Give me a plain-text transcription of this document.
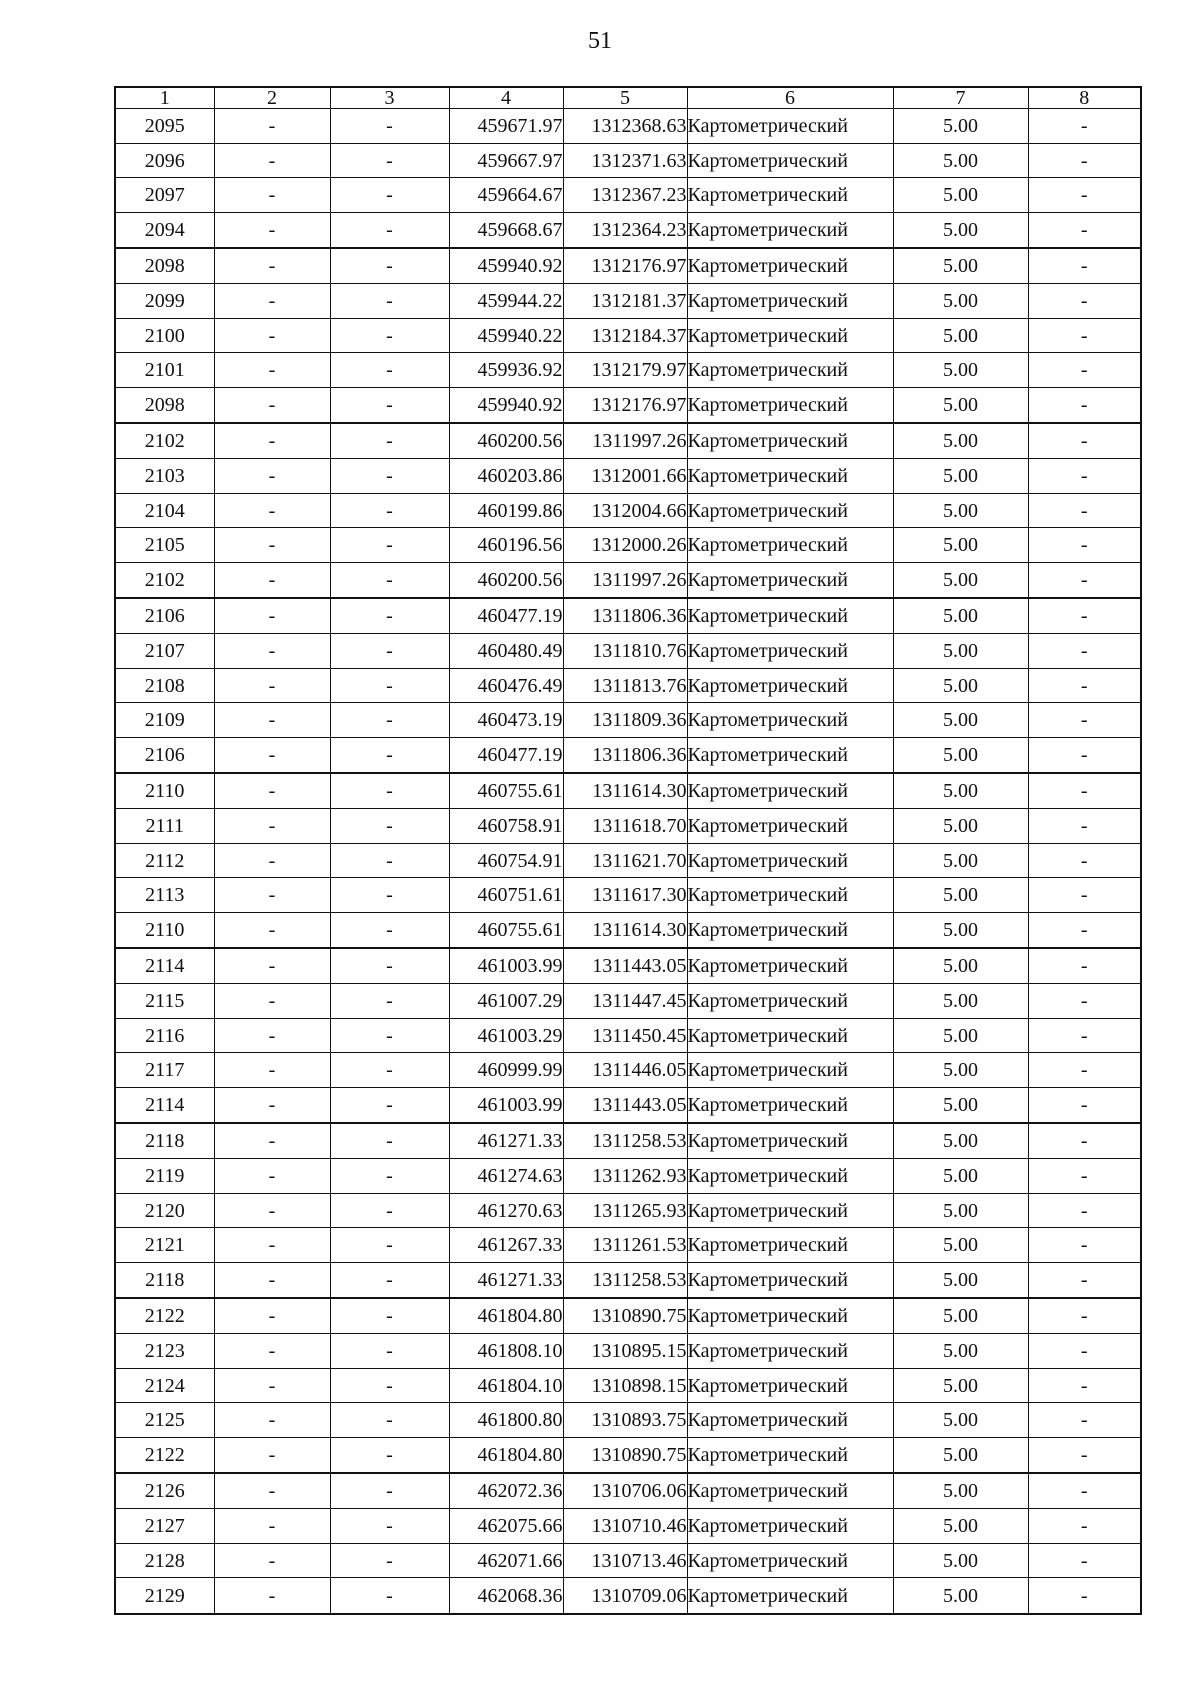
51
1	2	3	4	5	6	7	8
2095	-	-	459671.97	1312368.63	Картометрический	5.00	-
2096	-	-	459667.97	1312371.63	Картометрический	5.00	-
2097	-	-	459664.67	1312367.23	Картометрический	5.00	-
2094	-	-	459668.67	1312364.23	Картометрический	5.00	-

2098	-	-	459940.92	1312176.97	Картометрический	5.00	-
2099	-	-	459944.22	1312181.37	Картометрический	5.00	-
2100	-	-	459940.22	1312184.37	Картометрический	5.00	-
2101	-	-	459936.92	1312179.97	Картометрический	5.00	-
2098	-	-	459940.92	1312176.97	Картометрический	5.00	-

2102	-	-	460200.56	1311997.26	Картометрический	5.00	-
2103	-	-	460203.86	1312001.66	Картометрический	5.00	-
2104	-	-	460199.86	1312004.66	Картометрический	5.00	-
2105	-	-	460196.56	1312000.26	Картометрический	5.00	-
2102	-	-	460200.56	1311997.26	Картометрический	5.00	-

2106	-	-	460477.19	1311806.36	Картометрический	5.00	-
2107	-	-	460480.49	1311810.76	Картометрический	5.00	-
2108	-	-	460476.49	1311813.76	Картометрический	5.00	-
2109	-	-	460473.19	1311809.36	Картометрический	5.00	-
2106	-	-	460477.19	1311806.36	Картометрический	5.00	-

2110	-	-	460755.61	1311614.30	Картометрический	5.00	-
2111	-	-	460758.91	1311618.70	Картометрический	5.00	-
2112	-	-	460754.91	1311621.70	Картометрический	5.00	-
2113	-	-	460751.61	1311617.30	Картометрический	5.00	-
2110	-	-	460755.61	1311614.30	Картометрический	5.00	-

2114	-	-	461003.99	1311443.05	Картометрический	5.00	-
2115	-	-	461007.29	1311447.45	Картометрический	5.00	-
2116	-	-	461003.29	1311450.45	Картометрический	5.00	-
2117	-	-	460999.99	1311446.05	Картометрический	5.00	-
2114	-	-	461003.99	1311443.05	Картометрический	5.00	-

2118	-	-	461271.33	1311258.53	Картометрический	5.00	-
2119	-	-	461274.63	1311262.93	Картометрический	5.00	-
2120	-	-	461270.63	1311265.93	Картометрический	5.00	-
2121	-	-	461267.33	1311261.53	Картометрический	5.00	-
2118	-	-	461271.33	1311258.53	Картометрический	5.00	-

2122	-	-	461804.80	1310890.75	Картометрический	5.00	-
2123	-	-	461808.10	1310895.15	Картометрический	5.00	-
2124	-	-	461804.10	1310898.15	Картометрический	5.00	-
2125	-	-	461800.80	1310893.75	Картометрический	5.00	-
2122	-	-	461804.80	1310890.75	Картометрический	5.00	-

2126	-	-	462072.36	1310706.06	Картометрический	5.00	-
2127	-	-	462075.66	1310710.46	Картометрический	5.00	-
2128	-	-	462071.66	1310713.46	Картометрический	5.00	-
2129	-	-	462068.36	1310709.06	Картометрический	5.00	-
